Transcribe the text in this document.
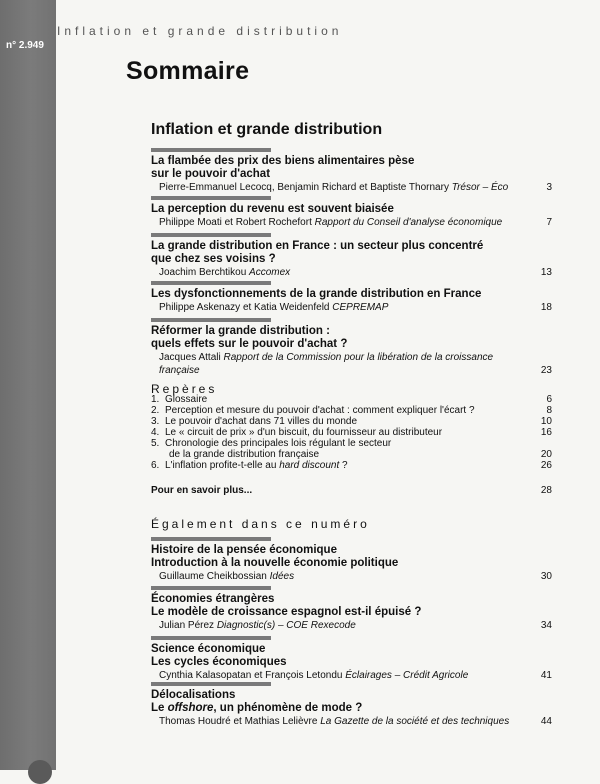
n° 2.949
Inflation et grande distribution
Sommaire
Inflation et grande distribution
La flambée des prix des biens alimentaires pèse
sur le pouvoir d'achat
Pierre-Emmanuel Lecocq, Benjamin Richard et Baptiste Thornary Trésor – Éco	3
La perception du revenu est souvent biaisée
Philippe Moati et Robert Rochefort Rapport du Conseil d'analyse économique	7
La grande distribution en France : un secteur plus concentré
que chez ses voisins ?
Joachim Berchtikou Accomex	13
Les dysfonctionnements de la grande distribution en France
Philippe Askenazy et Katia Weidenfeld CEPREMAP	18
Réformer la grande distribution :
quels effets sur le pouvoir d'achat ?
Jacques Attali Rapport de la Commission pour la libération de la croissance française	23
Repères
1. Glossaire	6
2. Perception et mesure du pouvoir d'achat : comment expliquer l'écart ?	8
3. Le pouvoir d'achat dans 71 villes du monde	10
4. Le « circuit de prix » d'un biscuit, du fournisseur au distributeur	16
5. Chronologie des principales lois régulant le secteur
de la grande distribution française	20
6. L'inflation profite-t-elle au hard discount ?	26
Pour en savoir plus...	28
Également dans ce numéro
Histoire de la pensée économique
Introduction à la nouvelle économie politique
Guillaume Cheikbossian Idées	30
Économies étrangères
Le modèle de croissance espagnol est-il épuisé ?
Julian Pérez Diagnostic(s) – COE Rexecode	34
Science économique
Les cycles économiques
Cynthia Kalasopatan et François Letondu Éclairages – Crédit Agricole	41
Délocalisations
Le offshore, un phénomène de mode ?
Thomas Houdré et Mathias Lelièvre La Gazette de la société et des techniques	44
